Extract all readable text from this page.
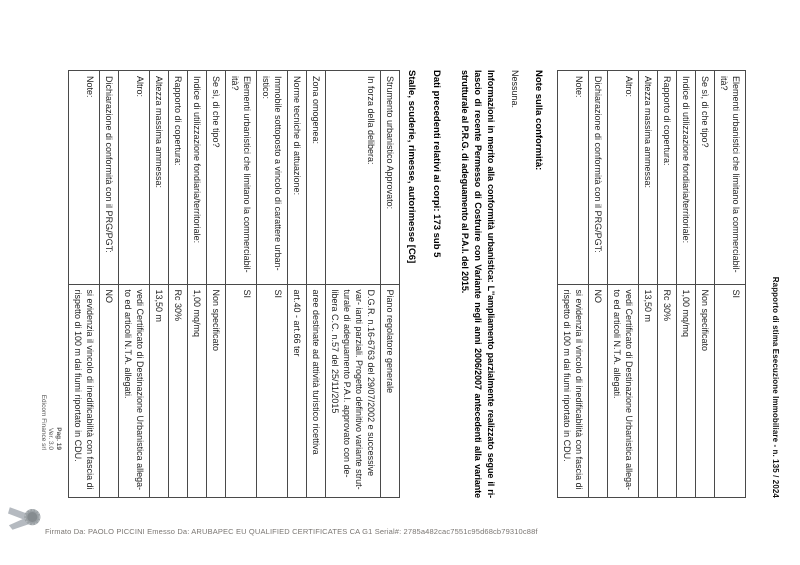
Rapporto di stima Esecuzione Immobiliare - n. 135 / 2024
Elementi urbanistici che limitano la commerciabil-ità?	SI
Se sì, di che tipo?	Non specificato
Indice di utilizzazione fondiaria/territoriale:	1,00 mq/mq
Rapporto di copertura:	Rc 30%
Altezza massima ammessa:	13,50 m
Altro:	vedi Certificato di Destinazione Urbanistica allega- to ed articoli N.T.A. allegati.
Dichiarazione di conformità con il PRG/PGT:	NO
Note:	si evidenzia il vincolo di inedificabilità con fascia di rispetto di 100 m dai fiumi riportato in CDU.
Note sulla conformità:
Nessuna.
Informazioni in merito alla conformità urbanistica: L''ampliamento parzialmente realizzato segue il ri- lascio di recente Permesso di Costruire con Variante negli anni 2006/2007 antecedenti alla variante strutturale al P.R.G. di adeguamento al P.A.I. del 2015.
Dati precedenti relativi ai corpi: 173 sub 5
Stalle, scuderie, rimesse, autorimesse [C6]
Strumento urbanistico Approvato:	Piano regolatore generale
In forza della delibera:	D.G.R. n.16-6763 del 29/07/2002 e successive var- ianti parziali. Progetto definitivo variante strut- turale di adeguamento P.A.I. approvato con de- libera C.C. n.57 del 25/11/2015
Zona omogenea:	aree destinate ad attività turistico ricettiva
Norme tecniche di attuazione:	art.40 - art.66 ter
Immobile sottoposto a vincolo di carattere urban-istico:	SI
Elementi urbanistici che limitano la commerciabil-ità?	SI
Se sì, di che tipo?	Non specificato
Indice di utilizzazione fondiaria/territoriale:	1,00 mq/mq
Rapporto di copertura:	Rc 30%
Altezza massima ammessa:	13,50 m
Altro:	vedi Certificato di Destinazione Urbanistica allega- to ed articoli N.T.A. allegati.
Dichiarazione di conformità con il PRG/PGT:	NO
Note:	si evidenzia il vincolo di inedificabilità con fascia di rispetto di 100 m dai fiumi riportato in CDU.
Pag. 19
Ver. 3.0
Edicom Finance srl
Firmato Da: PAOLO PICCINI Emesso Da: ARUBAPEC EU QUALIFIED CERTIFICATES CA G1 Serial#: 2785a482cac7551c95d68cb79310c88f
